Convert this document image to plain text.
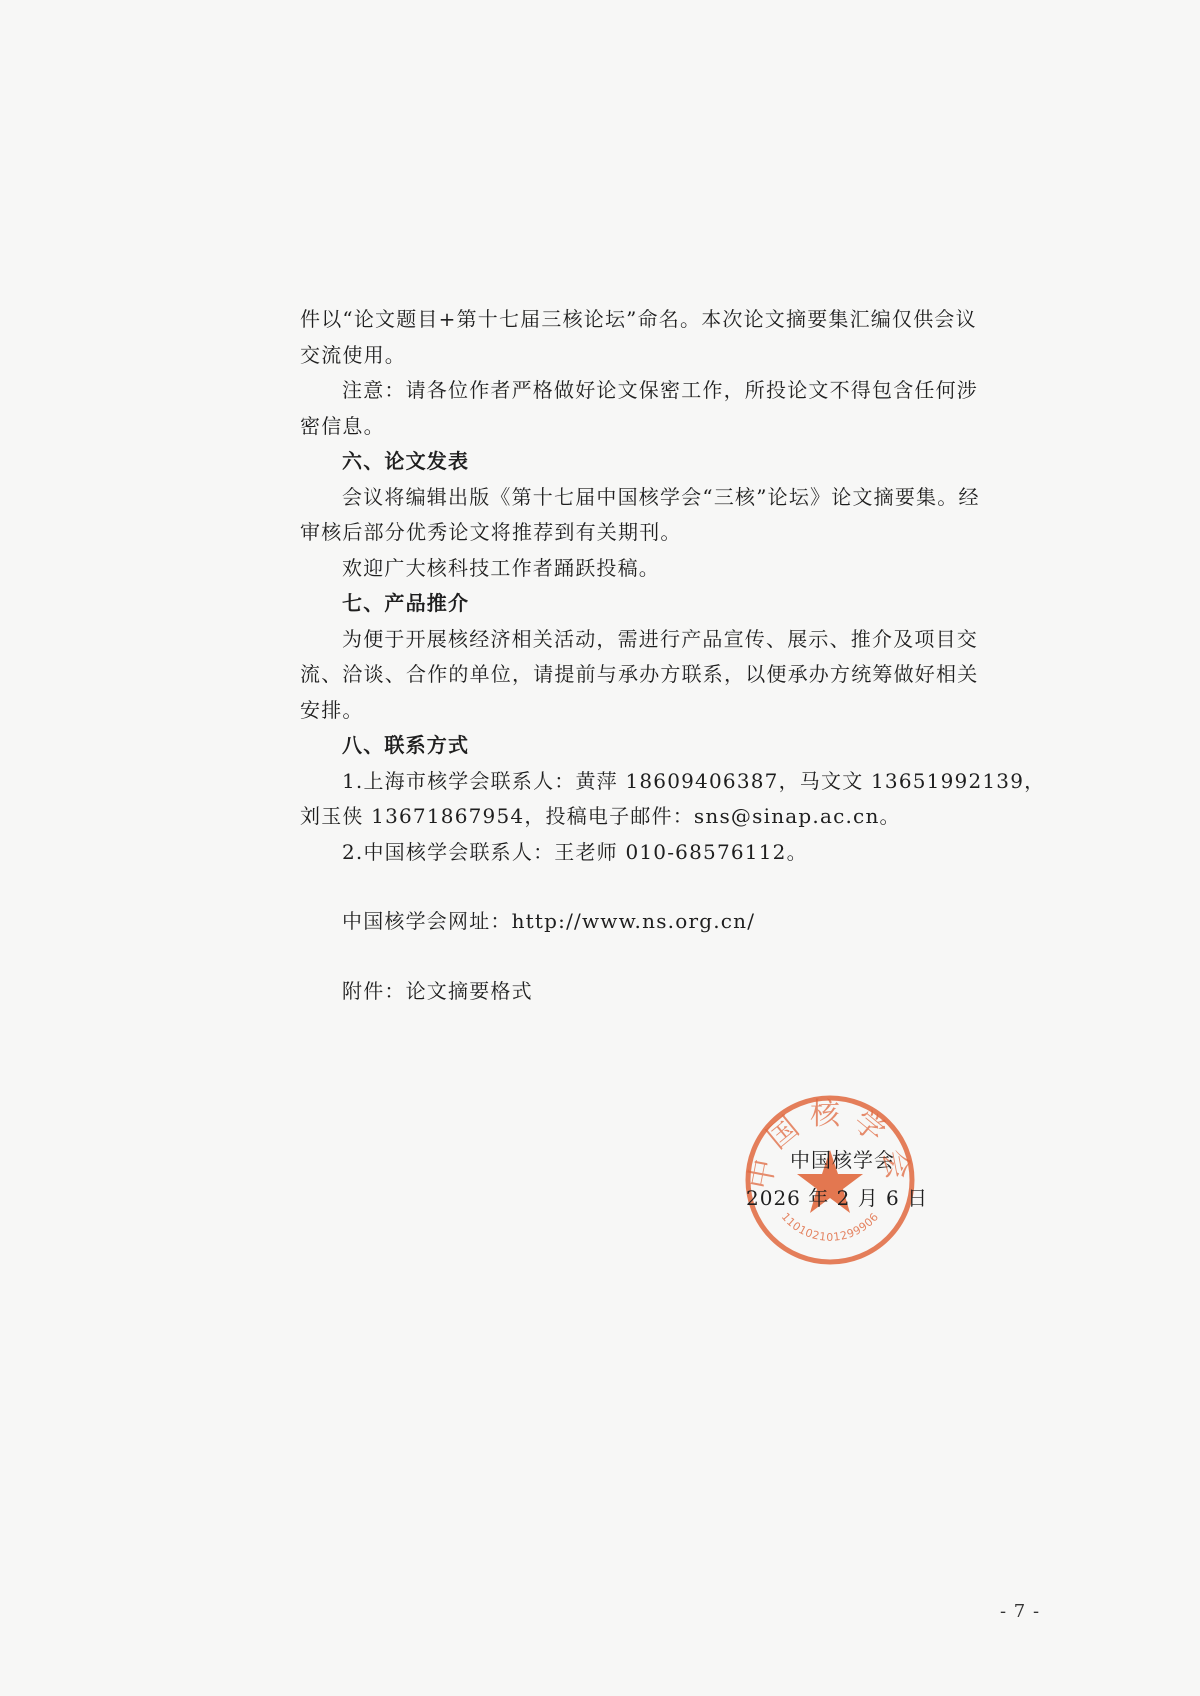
件以“论文题目+第十七届三核论坛”命名。本次论文摘要集汇编仅供会议
交流使用。
注意：请各位作者严格做好论文保密工作，所投论文不得包含任何涉
密信息。
六、论文发表
会议将编辑出版《第十七届中国核学会“三核”论坛》论文摘要集。经
审核后部分优秀论文将推荐到有关期刊。
欢迎广大核科技工作者踊跃投稿。
七、产品推介
为便于开展核经济相关活动，需进行产品宣传、展示、推介及项目交
流、洽谈、合作的单位，请提前与承办方联系，以便承办方统筹做好相关
安排。
八、联系方式
1.上海市核学会联系人：黄萍 18609406387，马文文 13651992139，
刘玉侠 13671867954，投稿电子邮件：sns@sinap.ac.cn。
2.中国核学会联系人：王老师 010-68576112。
中国核学会网址：http://www.ns.org.cn/
附件：论文摘要格式
中国核学会
110102101299906
中国核学会
2026 年 2 月 6 日
- 7 -
